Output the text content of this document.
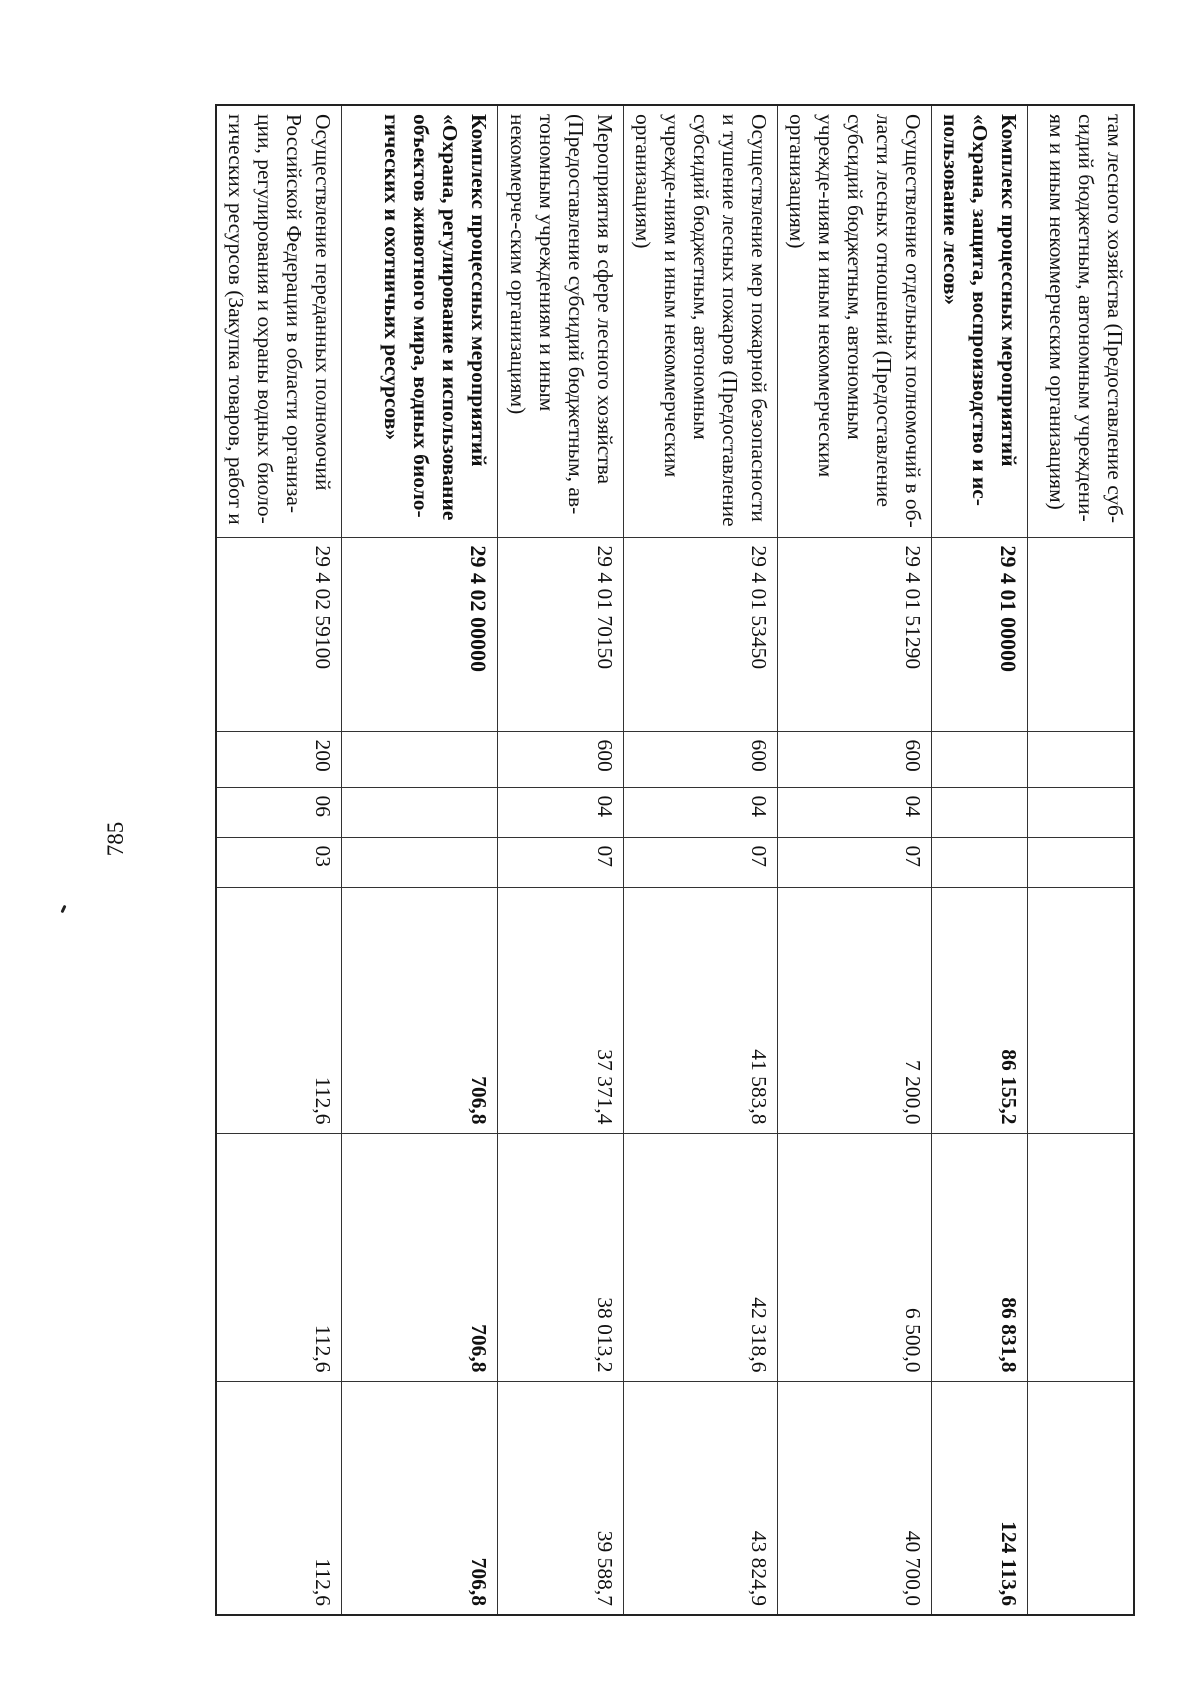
785
там лесного хозяйства (Предоставление суб-сидий бюджетным, автономным учреждени-ям и иным некоммерческим организациям)							
Комплекс процессных мероприятий «Охрана, защита, воспроизводство и ис-пользование лесов»	29 4 01 00000				86 155,2	86 831,8	124 113,6
Осуществление отдельных полномочий в об-ласти лесных отношений (Предоставление субсидий бюджетным, автономным учрежде-ниям и иным некоммерческим организациям)	29 4 01 51290	600	04	07	7 200,0	6 500,0	40 700,0
Осуществление мер пожарной безопасности и тушение лесных пожаров (Предоставление субсидий бюджетным, автономным учрежде-ниям и иным некоммерческим организациям)	29 4 01 53450	600	04	07	41 583,8	42 318,6	43 824,9
Мероприятия в сфере лесного хозяйства (Предоставление субсидий бюджетным, ав-тономным учреждениям и иным некоммерче-ским организациям)	29 4 01 70150	600	04	07	37 371,4	38 013,2	39 588,7
Комплекс процессных мероприятий «Охрана, регулирование и использование объектов животного мира, водных биоло-гических и охотничьих ресурсов»	29 4 02 00000				706,8	706,8	706,8
Осуществление переданных полномочий Российской Федерации в области организа-ции, регулирования и охраны водных биоло-гических ресурсов (Закупка товаров, работ и	29 4 02 59100	200	06	03	112,6	112,6	112,6
